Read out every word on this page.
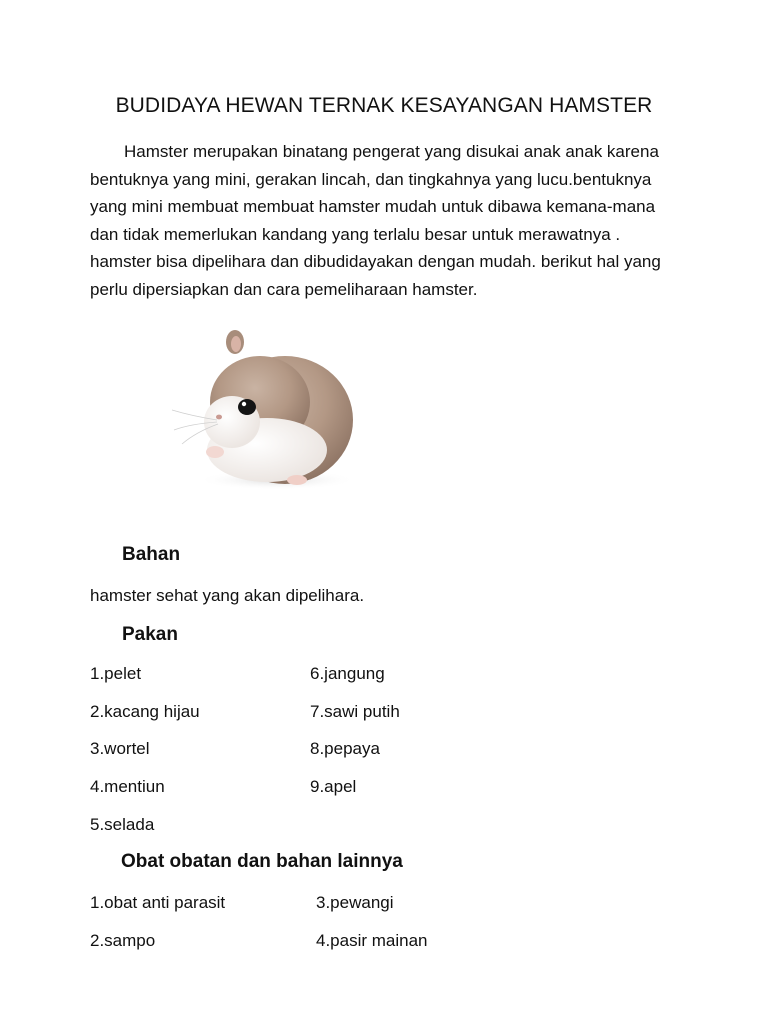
BUDIDAYA HEWAN TERNAK KESAYANGAN HAMSTER

Hamster merupakan binatang pengerat yang disukai anak anak karena
bentuknya yang mini, gerakan lincah, dan tingkahnya yang lucu.bentuknya
yang mini membuat membuat hamster mudah untuk dibawa kemana-mana
dan tidak memerlukan kandang yang terlalu besar untuk merawatnya .
hamster bisa dipelihara dan dibudidayakan dengan mudah. berikut hal yang
perlu dipersiapkan dan cara pemeliharaan hamster.

Bahan
hamster sehat yang akan dipelihara.
Pakan
1.pelet
2.kacang hijau
3.wortel
4.mentiun
5.selada
6.jangung
7.sawi putih
8.pepaya
9.apel
Obat obatan dan bahan lainnya
1.obat anti parasit
2.sampo
3.pewangi
4.pasir mainan
